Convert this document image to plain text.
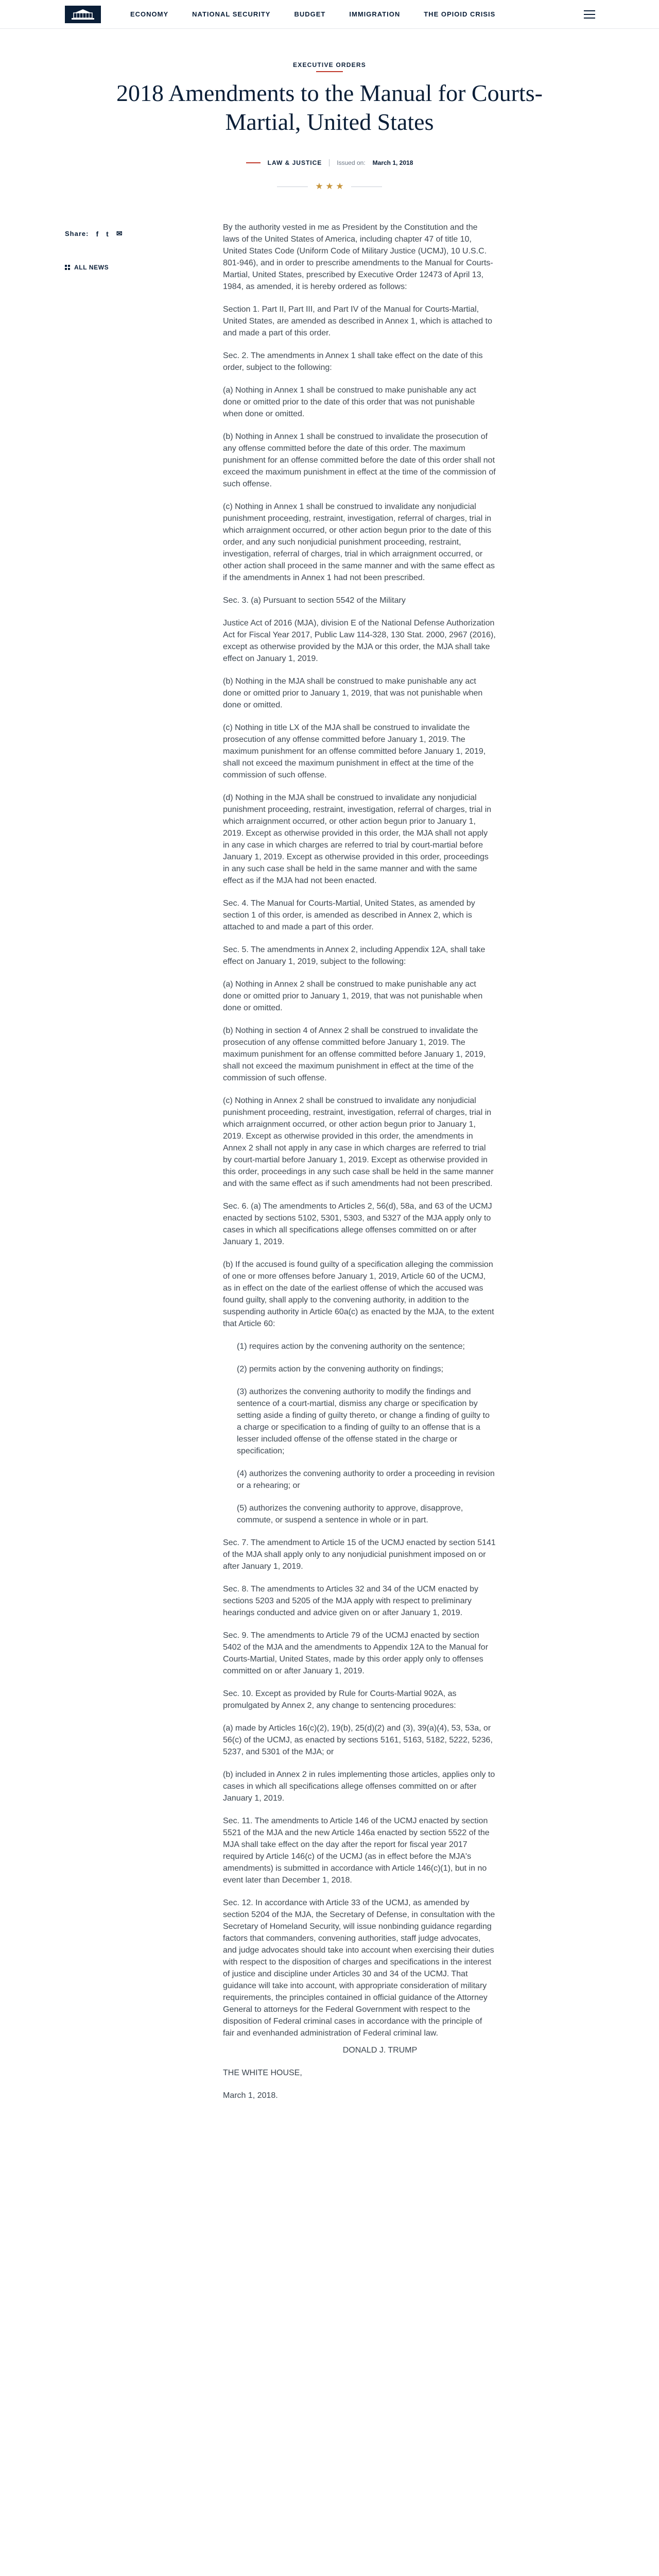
ECONOMY	NATIONAL SECURITY	BUDGET	IMMIGRATION	THE OPIOID CRISIS
EXECUTIVE ORDERS
2018 Amendments to the Manual for Courts-Martial, United States
LAW & JUSTICE Issued on: March 1, 2018
★ ★ ★
Share: f t ✉
ALL NEWS

By the authority vested in me as President by the Constitution and the laws of the United States of America, including chapter 47 of title 10, United States Code (Uniform Code of Military Justice (UCMJ), 10 U.S.C. 801-946), and in order to prescribe amendments to the Manual for Courts-Martial, United States, prescribed by Executive Order 12473 of April 13, 1984, as amended, it is hereby ordered as follows:

Section 1. Part II, Part III, and Part IV of the Manual for Courts-Martial, United States, are amended as described in Annex 1, which is attached to and made a part of this order.

Sec. 2. The amendments in Annex 1 shall take effect on the date of this order, subject to the following:

(a) Nothing in Annex 1 shall be construed to make punishable any act done or omitted prior to the date of this order that was not punishable when done or omitted.

(b) Nothing in Annex 1 shall be construed to invalidate the prosecution of any offense committed before the date of this order. The maximum punishment for an offense committed before the date of this order shall not exceed the maximum punishment in effect at the time of the commission of such offense.

(c) Nothing in Annex 1 shall be construed to invalidate any nonjudicial punishment proceeding, restraint, investigation, referral of charges, trial in which arraignment occurred, or other action begun prior to the date of this order, and any such nonjudicial punishment proceeding, restraint, investigation, referral of charges, trial in which arraignment occurred, or other action shall proceed in the same manner and with the same effect as if the amendments in Annex 1 had not been prescribed.

Sec. 3. (a) Pursuant to section 5542 of the Military

Justice Act of 2016 (MJA), division E of the National Defense Authorization Act for Fiscal Year 2017, Public Law 114-328, 130 Stat. 2000, 2967 (2016), except as otherwise provided by the MJA or this order, the MJA shall take effect on January 1, 2019.

(b) Nothing in the MJA shall be construed to make punishable any act done or omitted prior to January 1, 2019, that was not punishable when done or omitted.

(c) Nothing in title LX of the MJA shall be construed to invalidate the prosecution of any offense committed before January 1, 2019. The maximum punishment for an offense committed before January 1, 2019, shall not exceed the maximum punishment in effect at the time of the commission of such offense.

(d) Nothing in the MJA shall be construed to invalidate any nonjudicial punishment proceeding, restraint, investigation, referral of charges, trial in which arraignment occurred, or other action begun prior to January 1, 2019. Except as otherwise provided in this order, the MJA shall not apply in any case in which charges are referred to trial by court-martial before January 1, 2019. Except as otherwise provided in this order, proceedings in any such case shall be held in the same manner and with the same effect as if the MJA had not been enacted.

Sec. 4. The Manual for Courts-Martial, United States, as amended by section 1 of this order, is amended as described in Annex 2, which is attached to and made a part of this order.

Sec. 5. The amendments in Annex 2, including Appendix 12A, shall take effect on January 1, 2019, subject to the following:

(a) Nothing in Annex 2 shall be construed to make punishable any act done or omitted prior to January 1, 2019, that was not punishable when done or omitted.

(b) Nothing in section 4 of Annex 2 shall be construed to invalidate the prosecution of any offense committed before January 1, 2019. The maximum punishment for an offense committed before January 1, 2019, shall not exceed the maximum punishment in effect at the time of the commission of such offense.

(c) Nothing in Annex 2 shall be construed to invalidate any nonjudicial punishment proceeding, restraint, investigation, referral of charges, trial in which arraignment occurred, or other action begun prior to January 1, 2019. Except as otherwise provided in this order, the amendments in Annex 2 shall not apply in any case in which charges are referred to trial by court-martial before January 1, 2019. Except as otherwise provided in this order, proceedings in any such case shall be held in the same manner and with the same effect as if such amendments had not been prescribed.

Sec. 6. (a) The amendments to Articles 2, 56(d), 58a, and 63 of the UCMJ enacted by sections 5102, 5301, 5303, and 5327 of the MJA apply only to cases in which all specifications allege offenses committed on or after January 1, 2019.

(b) If the accused is found guilty of a specification alleging the commission of one or more offenses before January 1, 2019, Article 60 of the UCMJ, as in effect on the date of the earliest offense of which the accused was found guilty, shall apply to the convening authority, in addition to the suspending authority in Article 60a(c) as enacted by the MJA, to the extent that Article 60:

(1) requires action by the convening authority on the sentence;

(2) permits action by the convening authority on findings;

(3) authorizes the convening authority to modify the findings and sentence of a court-martial, dismiss any charge or specification by setting aside a finding of guilty thereto, or change a finding of guilty to a charge or specification to a finding of guilty to an offense that is a lesser included offense of the offense stated in the charge or specification;

(4) authorizes the convening authority to order a proceeding in revision or a rehearing; or

(5) authorizes the convening authority to approve, disapprove, commute, or suspend a sentence in whole or in part.

Sec. 7. The amendment to Article 15 of the UCMJ enacted by section 5141 of the MJA shall apply only to any nonjudicial punishment imposed on or after January 1, 2019.

Sec. 8. The amendments to Articles 32 and 34 of the UCM enacted by sections 5203 and 5205 of the MJA apply with respect to preliminary hearings conducted and advice given on or after January 1, 2019.

Sec. 9. The amendments to Article 79 of the UCMJ enacted by section 5402 of the MJA and the amendments to Appendix 12A to the Manual for Courts-Martial, United States, made by this order apply only to offenses committed on or after January 1, 2019.

Sec. 10. Except as provided by Rule for Courts-Martial 902A, as promulgated by Annex 2, any change to sentencing procedures:

(a) made by Articles 16(c)(2), 19(b), 25(d)(2) and (3), 39(a)(4), 53, 53a, or 56(c) of the UCMJ, as enacted by sections 5161, 5163, 5182, 5222, 5236, 5237, and 5301 of the MJA; or

(b) included in Annex 2 in rules implementing those articles, applies only to cases in which all specifications allege offenses committed on or after January 1, 2019.

Sec. 11. The amendments to Article 146 of the UCMJ enacted by section 5521 of the MJA and the new Article 146a enacted by section 5522 of the MJA shall take effect on the day after the report for fiscal year 2017 required by Article 146(c) of the UCMJ (as in effect before the MJA's amendments) is submitted in accordance with Article 146(c)(1), but in no event later than December 1, 2018.

Sec. 12. In accordance with Article 33 of the UCMJ, as amended by section 5204 of the MJA, the Secretary of Defense, in consultation with the Secretary of Homeland Security, will issue nonbinding guidance regarding factors that commanders, convening authorities, staff judge advocates, and judge advocates should take into account when exercising their duties with respect to the disposition of charges and specifications in the interest of justice and discipline under Articles 30 and 34 of the UCMJ. That guidance will take into account, with appropriate consideration of military requirements, the principles contained in official guidance of the Attorney General to attorneys for the Federal Government with respect to the disposition of Federal criminal cases in accordance with the principle of fair and evenhanded administration of Federal criminal law.

DONALD J. TRUMP

THE WHITE HOUSE,

March 1, 2018.
